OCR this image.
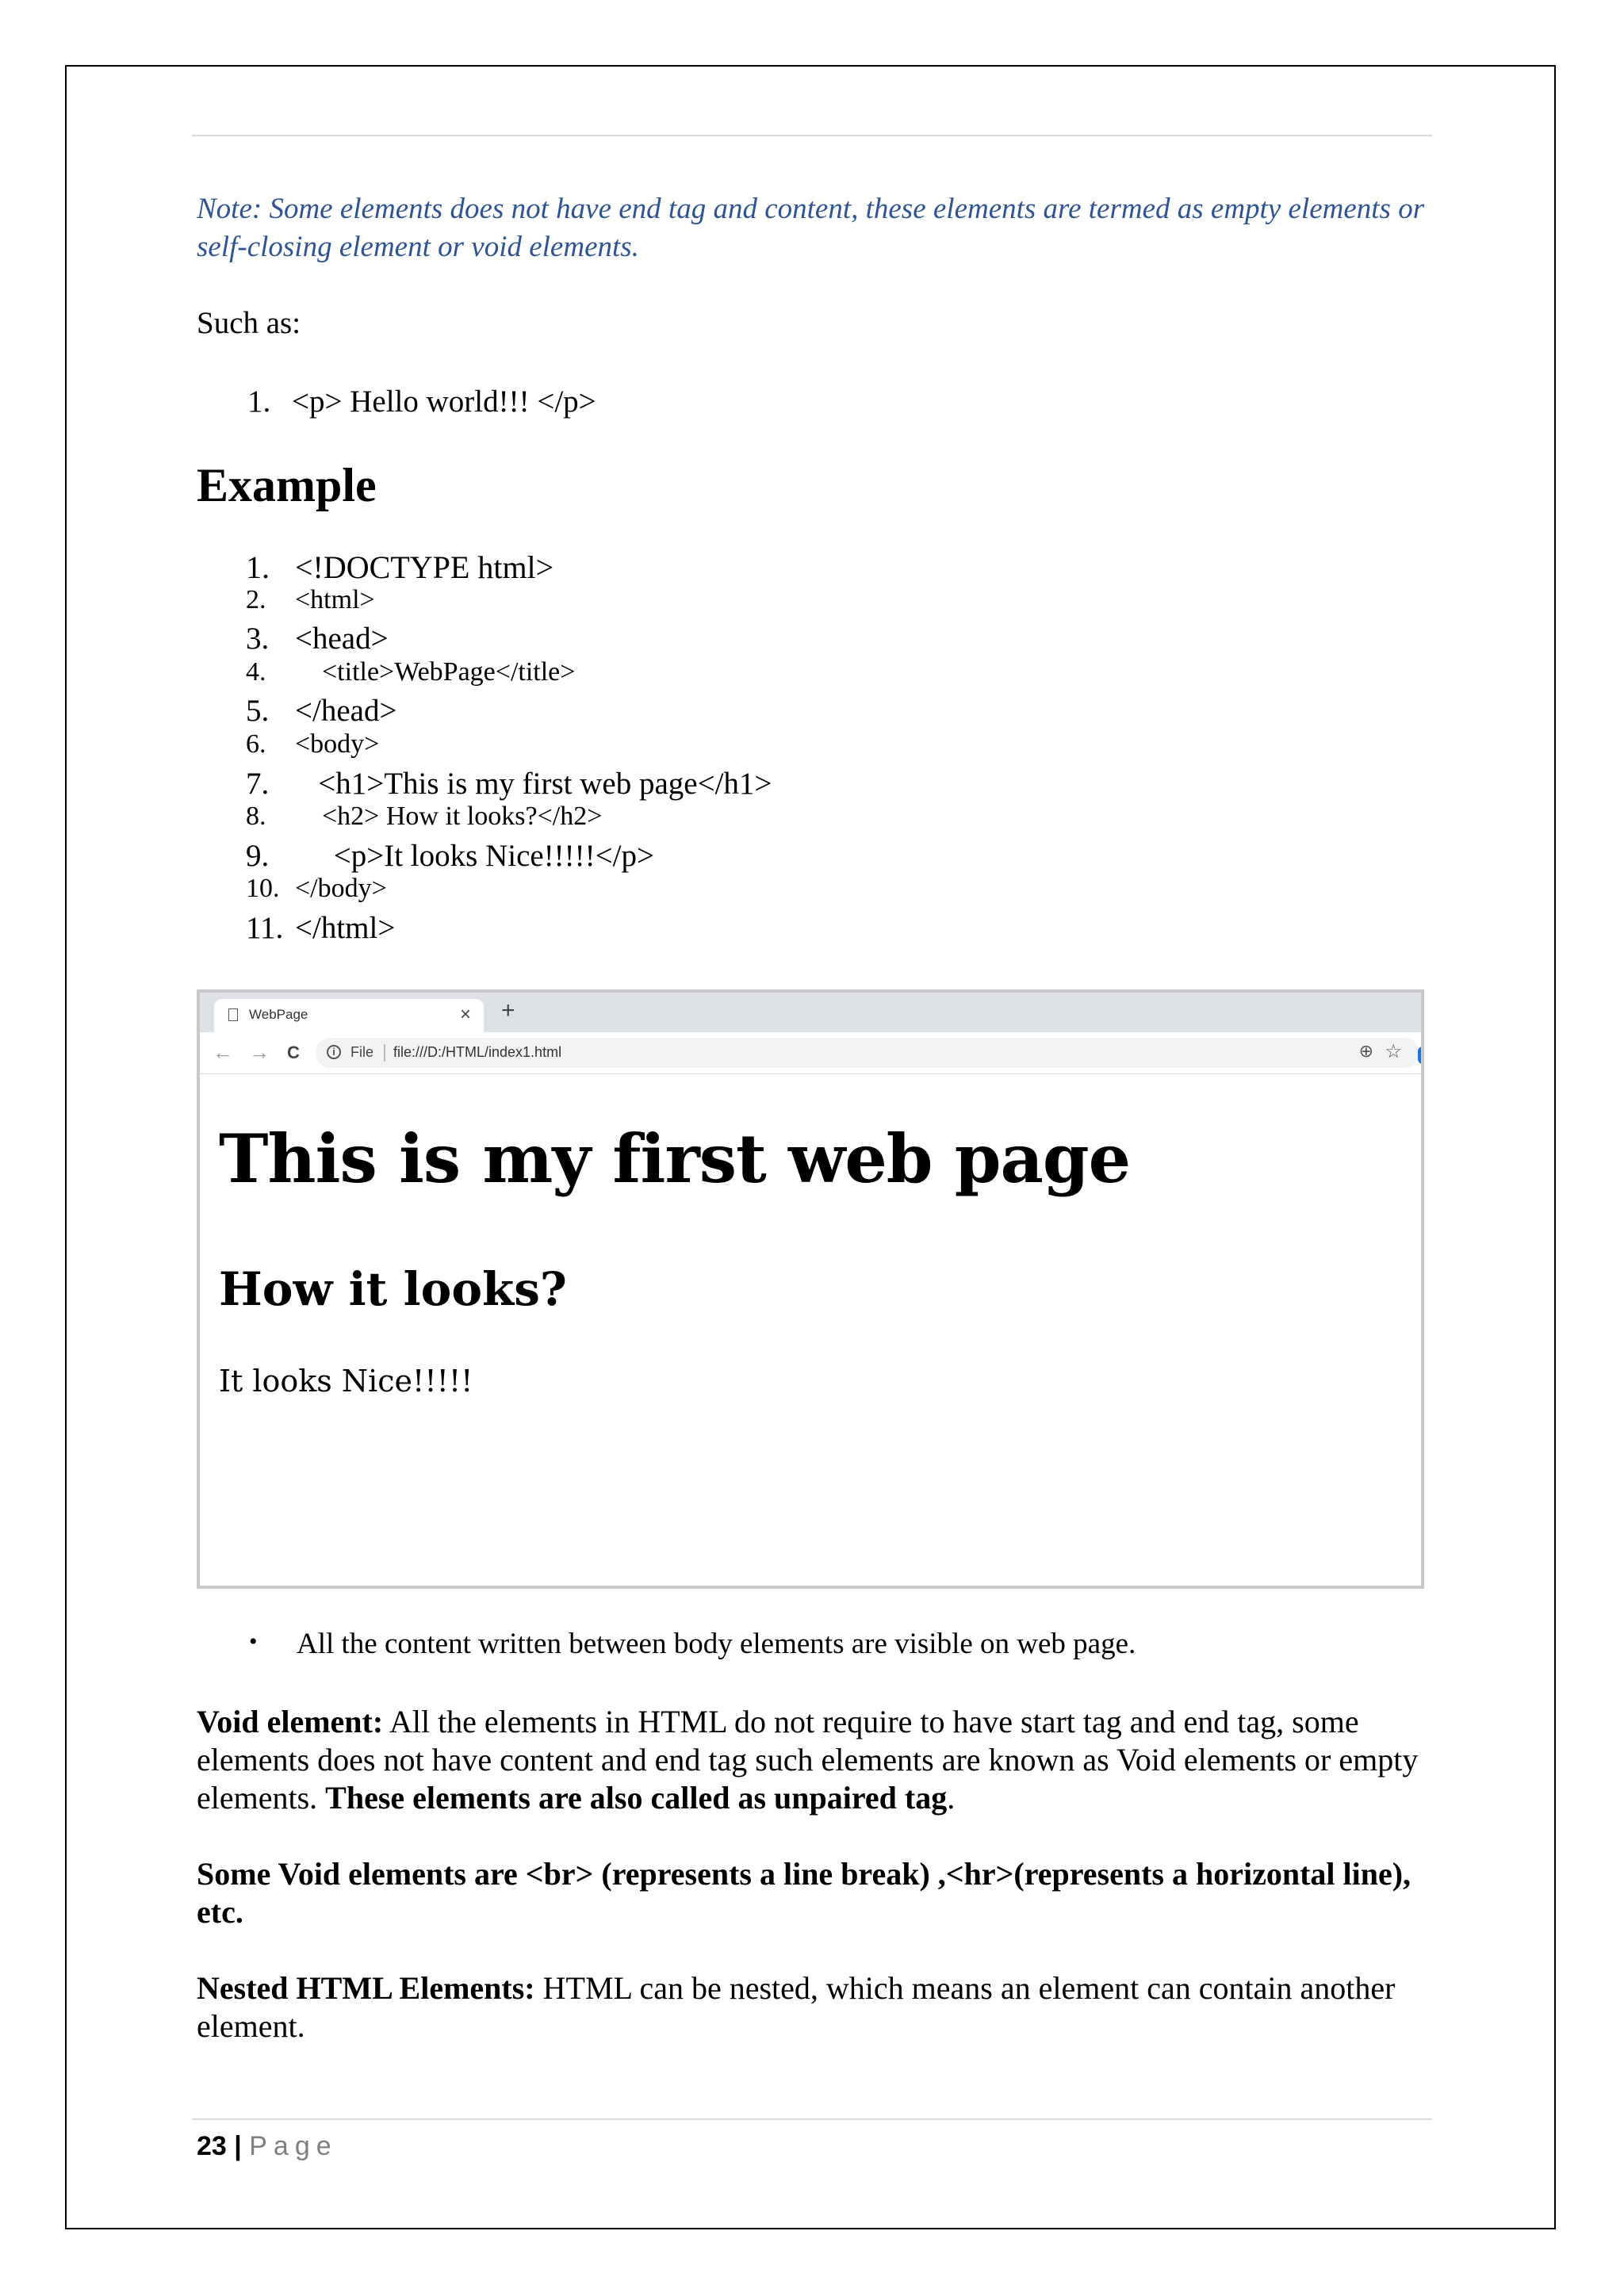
Note: Some elements does not have end tag and content, these elements are termed as empty elements or self-closing element or void elements.
Such as:
1. <p> Hello world!!! </p>
Example
1. <!DOCTYPE html>
2.	<html>
3. <head>
4.	<title>WebPage</title>
5. </head>
6.	<body>
7. <h1>This is my first web page</h1>
8.	<h2> How it looks?</h2>
9. <p>It looks Nice!!!!!</p>
10. </body>
11. </html>
WebPage	× +
← → C	i	File file:///D:/HTML/index1.html	⊕ ☆
This is my first web page
How it looks?
It looks Nice!!!!!
• All the content written between body elements are visible on web page.
Void element: All the elements in HTML do not require to have start tag and end tag, some elements does not have content and end tag such elements are known as Void elements or empty elements. These elements are also called as unpaired tag.
Some Void elements are <br> (represents a line break) ,<hr>(represents a horizontal line), etc.
Nested HTML Elements: HTML can be nested, which means an element can contain another element.
23 | Page
